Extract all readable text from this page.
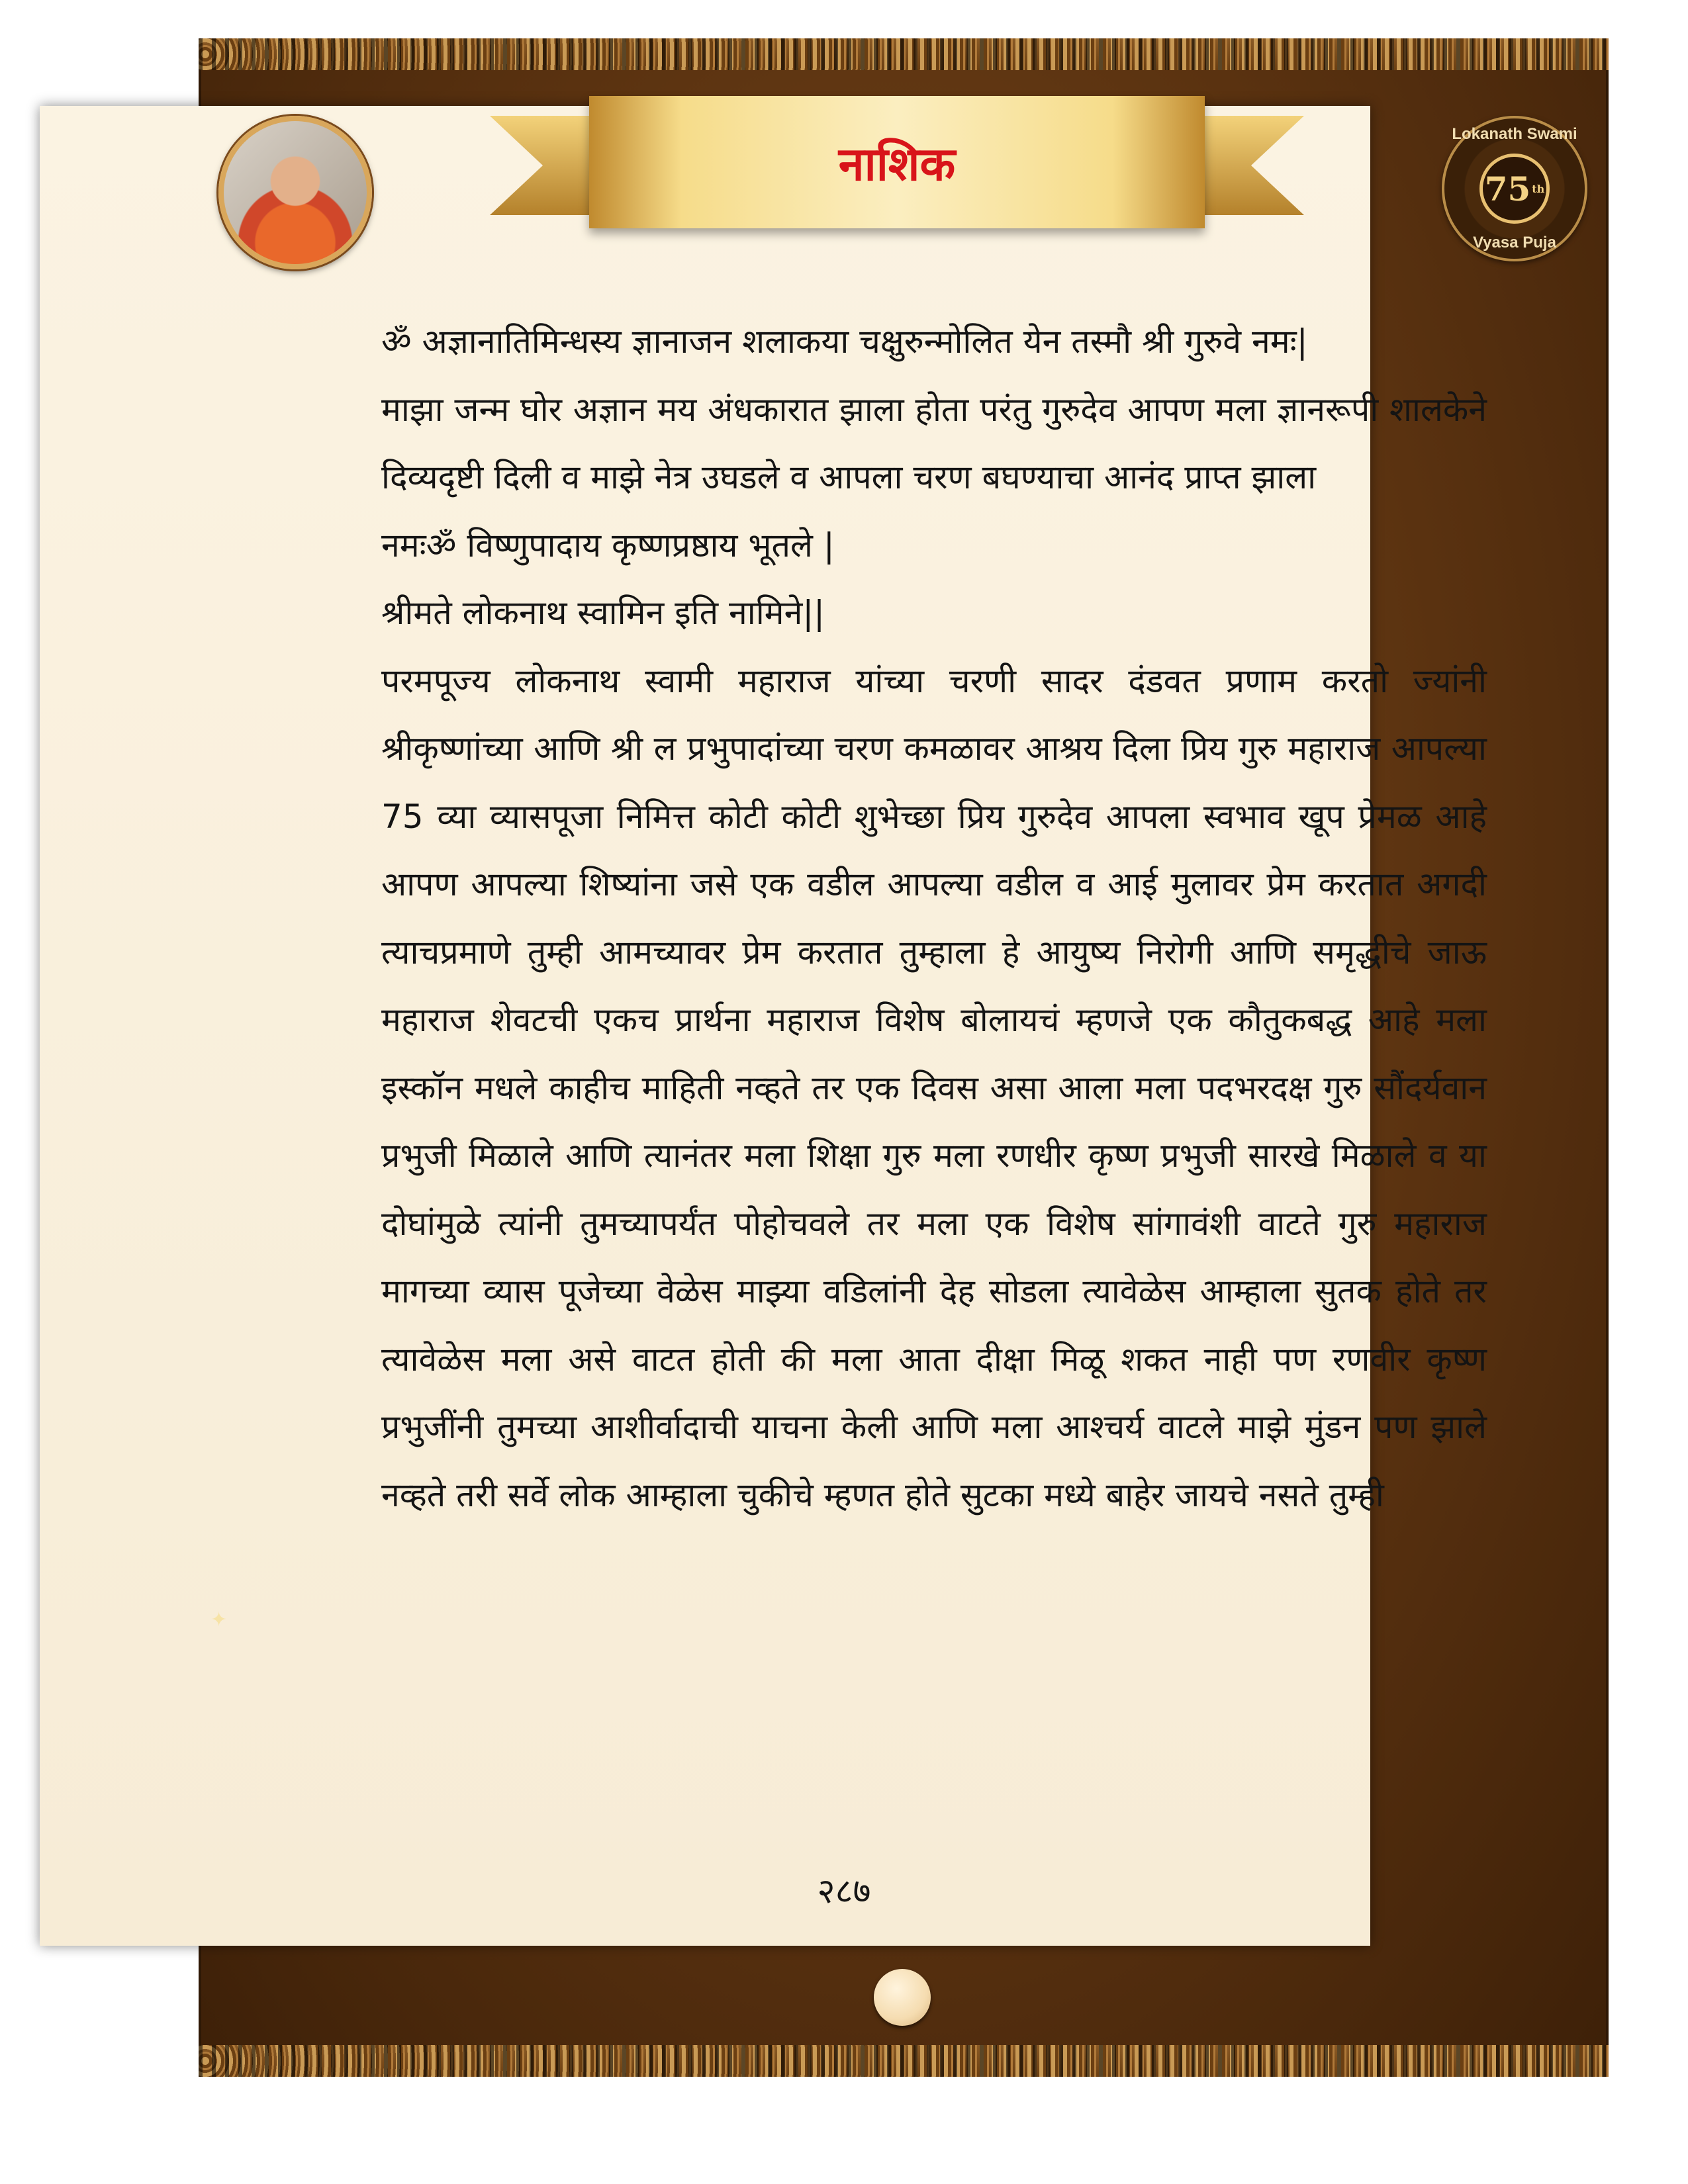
नाशिक
Lokanath Swami
75 th
Vyasa Puja

ॐ अज्ञानातिमिन्धस्य ज्ञानाजन शलाकया चक्षुरुन्मोलित येन तस्मौ श्री गुरुवे नमः|

माझा जन्म घोर अज्ञान मय अंधकारात झाला होता परंतु गुरुदेव आपण मला ज्ञानरूपी शालकेने दिव्यदृष्टी दिली व माझे नेत्र उघडले व आपला चरण बघण्याचा आनंद प्राप्त झाला

नमःॐ विष्णुपादाय कृष्णप्रष्ठाय भूतले |

श्रीमते लोकनाथ स्वामिन इति नामिने||

परमपूज्य लोकनाथ स्वामी महाराज यांच्या चरणी सादर दंडवत प्रणाम करतो ज्यांनी श्रीकृष्णांच्या आणि श्री ल प्रभुपादांच्या चरण कमळावर आश्रय दिला प्रिय गुरु महाराज आपल्या 75 व्या व्यासपूजा निमित्त कोटी कोटी शुभेच्छा प्रिय गुरुदेव आपला स्वभाव खूप प्रेमळ आहे आपण आपल्या शिष्यांना जसे एक वडील आपल्या वडील व आई मुलावर प्रेम करतात अगदी त्याचप्रमाणे तुम्ही आमच्यावर प्रेम करतात तुम्हाला हे आयुष्य निरोगी आणि समृद्धीचे जाऊ महाराज शेवटची एकच प्रार्थना महाराज विशेष बोलायचं म्हणजे एक कौतुकबद्ध आहे मला इस्कॉन मधले काहीच माहिती नव्हते तर एक दिवस असा आला मला पदभरदक्ष गुरु सौंदर्यवान प्रभुजी मिळाले आणि त्यानंतर मला शिक्षा गुरु मला रणधीर कृष्ण प्रभुजी सारखे मिळाले व या दोघांमुळे त्यांनी तुमच्यापर्यंत पोहोचवले तर मला एक विशेष सांगावंशी वाटते गुरु महाराज मागच्या व्यास पूजेच्या वेळेस माझ्या वडिलांनी देह सोडला त्यावेळेस आम्हाला सुतक होते तर त्यावेळेस मला असे वाटत होती की मला आता दीक्षा मिळू शकत नाही पण रणवीर कृष्ण प्रभुजींनी तुमच्या आशीर्वादाची याचना केली आणि मला आश्चर्य वाटले माझे मुंडन पण झाले नव्हते तरी सर्वे लोक आम्हाला चुकीचे म्हणत होते सुटका मध्ये बाहेर जायचे नसते तुम्ही

२८७
✦
